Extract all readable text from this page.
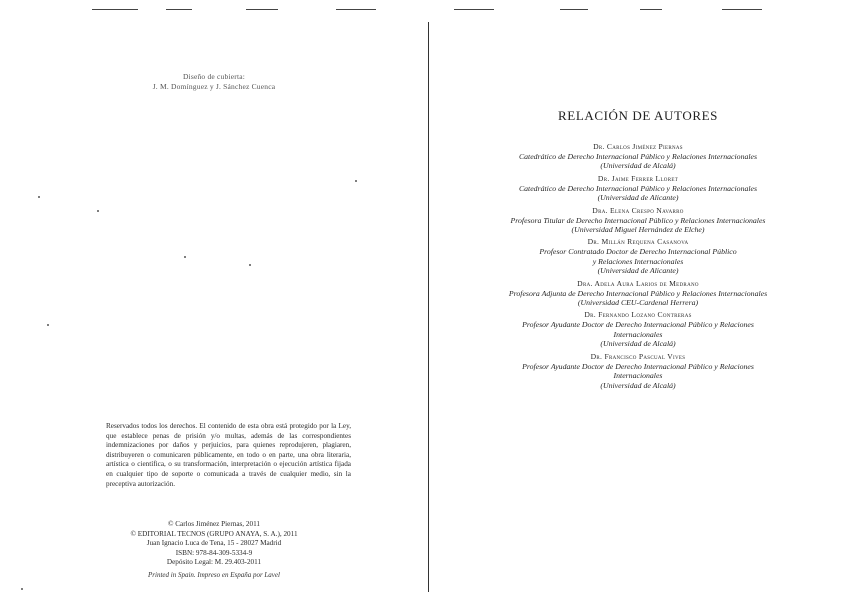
Diseño de cubierta:
J. M. Domínguez y J. Sánchez Cuenca
Reservados todos los derechos. El contenido de esta obra está protegido por la Ley, que establece penas de prisión y/o multas, además de las correspondientes indemnizaciones por daños y perjuicios, para quienes reprodujeren, plagiaren, distribuyeren o comunicaren públicamente, en todo o en parte, una obra literaria, artística o científica, o su transformación, interpretación o ejecución artística fijada en cualquier tipo de soporte o comunicada a través de cualquier medio, sin la preceptiva autorización.
© Carlos Jiménez Piernas, 2011
© EDITORIAL TECNOS (GRUPO ANAYA, S. A.), 2011
Juan Ignacio Luca de Tena, 15 - 28027 Madrid
ISBN: 978-84-309-5334-9
Depósito Legal: M. 29.403-2011
Printed in Spain. Impreso en España por Lavel
RELACIÓN DE AUTORES
Dr. Carlos Jiménez Piernas
Catedrático de Derecho Internacional Público y Relaciones Internacionales
(Universidad de Alcalá)
Dr. Jaime Ferrer Lloret
Catedrático de Derecho Internacional Público y Relaciones Internacionales
(Universidad de Alicante)
Dra. Elena Crespo Navarro
Profesora Titular de Derecho Internacional Público y Relaciones Internacionales
(Universidad Miguel Hernández de Elche)
Dr. Millán Requena Casanova
Profesor Contratado Doctor de Derecho Internacional Público
y Relaciones Internacionales
(Universidad de Alicante)
Dra. Adela Aura Larios de Medrano
Profesora Adjunta de Derecho Internacional Público y Relaciones Internacionales
(Universidad CEU-Cardenal Herrera)
Dr. Fernando Lozano Contreras
Profesor Ayudante Doctor de Derecho Internacional Público y Relaciones
Internacionales
(Universidad de Alcalá)
Dr. Francisco Pascual Vives
Profesor Ayudante Doctor de Derecho Internacional Público y Relaciones
Internacionales
(Universidad de Alcalá)
